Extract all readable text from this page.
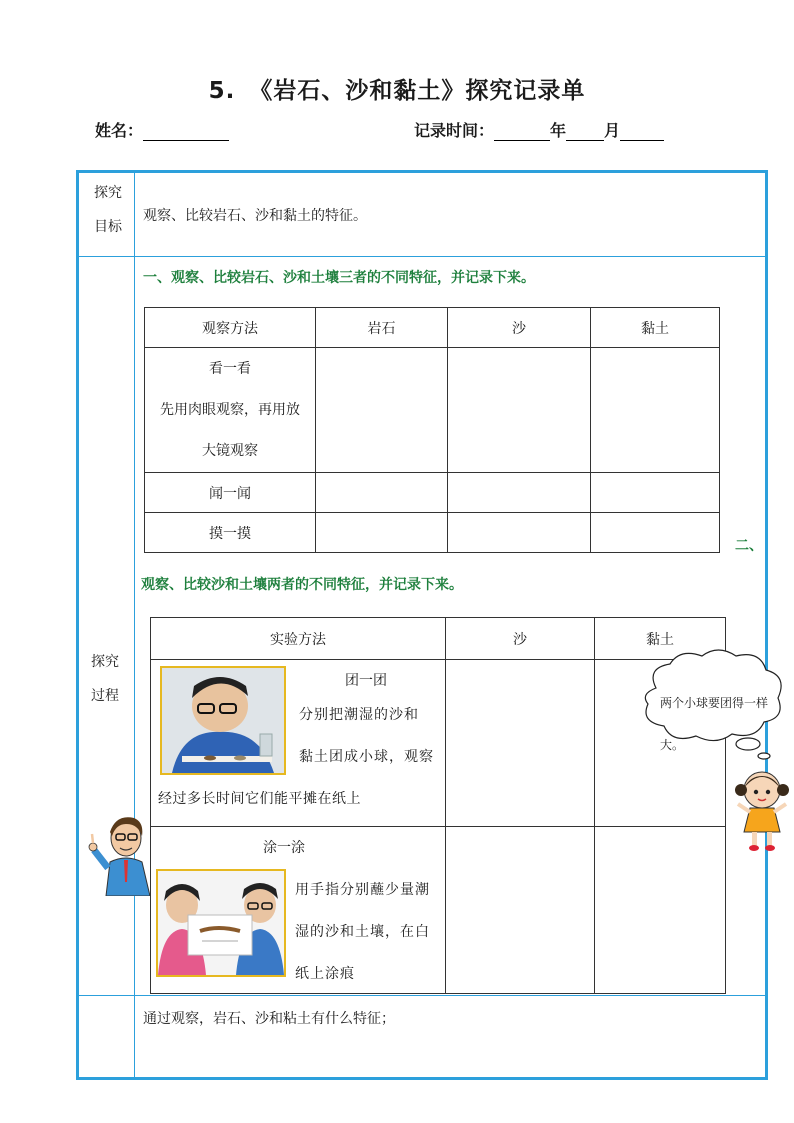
5. 《岩石、沙和黏土》探究记录单
姓名：	记录时间：	年 月
探究
目标
观察、比较岩石、沙和黏土的特征。
探究
过程
一、观察、比较岩石、沙和土壤三者的不同特征，并记录下来。
观察方法	岩石	沙	黏土

看一看
先用肉眼观察，再用放
大镜观察			

闻一闻			
摸一摸			
二、
观察、比较沙和土壤两者的不同特征，并记录下来。
实验方法	沙	黏土

团一团
分别把潮湿的沙和
黏土团成小球，观察
经过多长时间它们能平摊在纸上		

涂一涂
用手指分别蘸少量潮
湿的沙和土壤，在白
纸上涂痕		

两个小球要团得一样
大。
通过观察，岩石、沙和粘土有什么特征；
